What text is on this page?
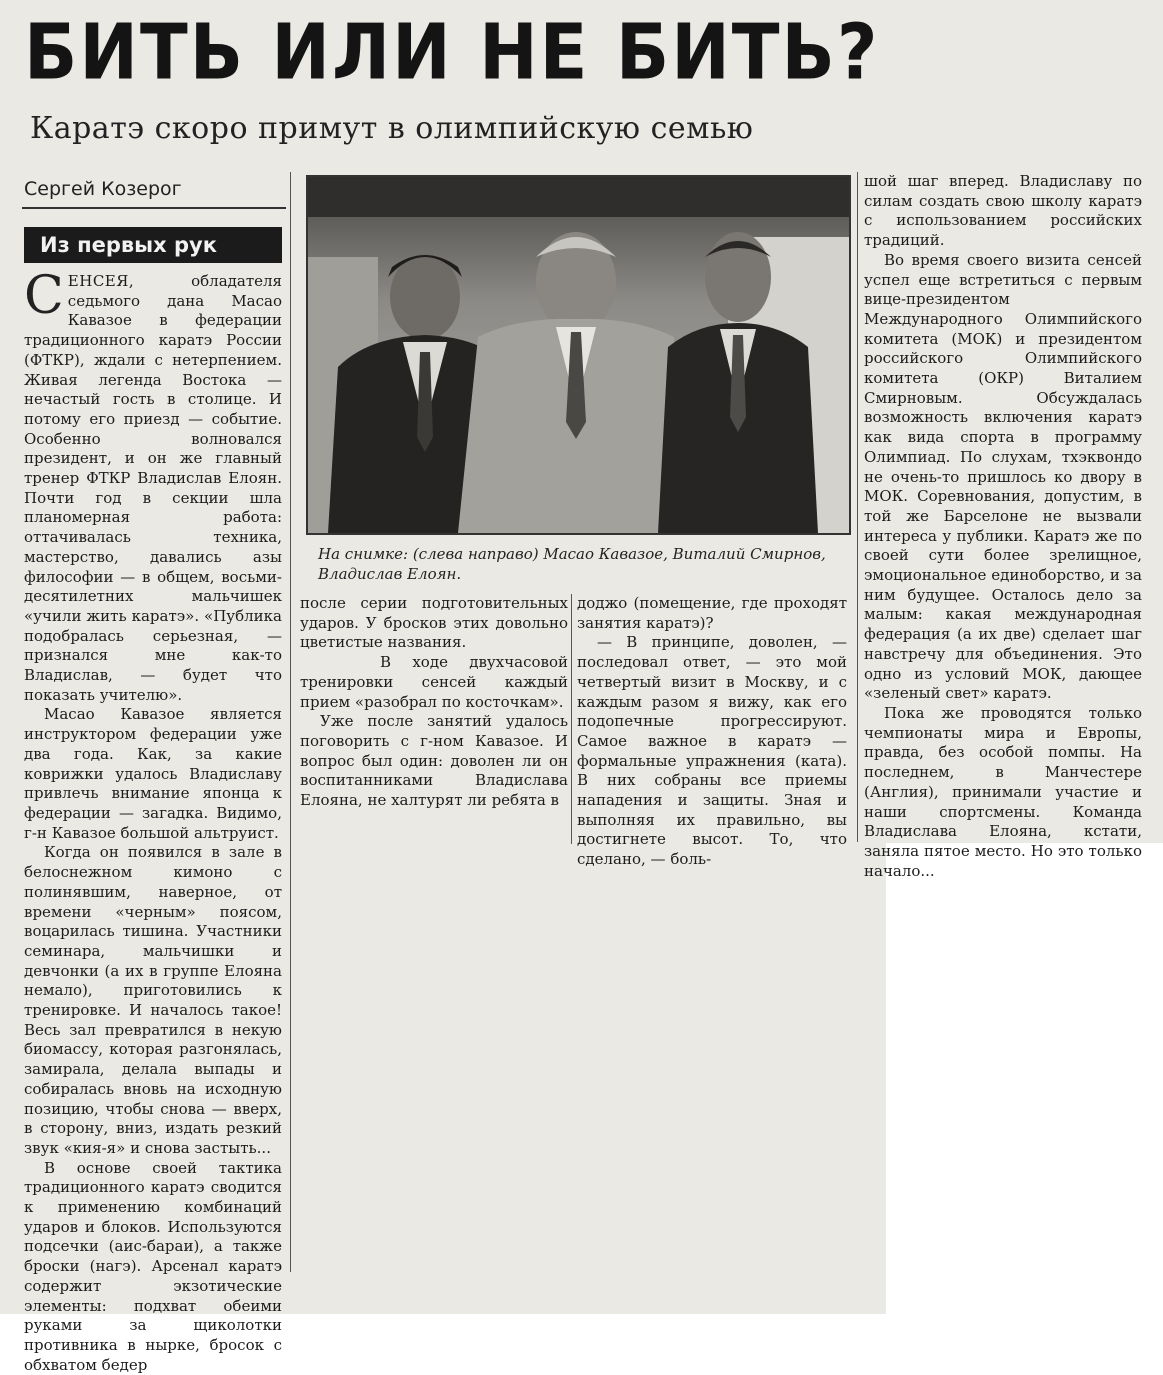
БИТЬ ИЛИ НЕ БИТЬ?
Каратэ скоро примут в олимпийскую семью
Сергей Козерог
Из первых рук

СЕНСЕЯ, обладателя седьмого дана Масао Кавазое в федерации традиционного каратэ России (ФТКР), ждали с нетерпением. Живая легенда Востока — нечастый гость в столице. И потому его приезд — событие. Особенно волновался президент, и он же главный тренер ФТКР Владислав Елоян. Почти год в секции шла планомерная работа: оттачивалась техника, мастерство, давались азы философии — в общем, восьми-десятилетних мальчишек «учили жить каратэ». «Публика подобралась серьезная, — признался мне как-то Владислав, — будет что показать учителю».

Масао Кавазое является инструктором федерации уже два года. Как, за какие коврижки удалось Владиславу привлечь внимание японца к федерации — загадка. Видимо, г-н Кавазое большой альтруист.

Когда он появился в зале в белоснежном кимоно с полинявшим, наверное, от времени «черным» поясом, воцарилась тишина. Участники семинара, мальчишки и девчонки (а их в группе Елояна немало), приготовились к тренировке. И началось такое! Весь зал превратился в некую биомассу, которая разгонялась, замирала, делала выпады и собиралась вновь на исходную позицию, чтобы снова — вверх, в сторону, вниз, издать резкий звук «кия-я» и снова застыть...

В основе своей тактика традиционного каратэ сводится к применению комбинаций ударов и блоков. Используются подсечки (аис-бараи), а также броски (нагэ). Арсенал каратэ содержит экзотические элементы: подхват обеими руками за щиколотки противника в нырке, бросок с обхватом бедер

На снимке: (слева направо) Масао Кавазое, Виталий Смирнов, Владислав Елоян.

после серии подготовительных ударов. У бросков этих довольно цветистые названия.

В ходе двухчасовой тренировки сенсей каждый прием «разобрал по косточкам».

Уже после занятий удалось поговорить с г-ном Кавазое. И вопрос был один: доволен ли он воспитанниками Владислава Елояна, не халтурят ли ребята в

доджо (помещение, где проходят занятия каратэ)?

— В принципе, доволен, — последовал ответ, — это мой четвертый визит в Москву, и с каждым разом я вижу, как его подопечные прогрессируют. Самое важное в каратэ — формальные упражнения (ката). В них собраны все приемы нападения и защиты. Зная и выполняя их правильно, вы достигнете высот. То, что сделано, — боль-

шой шаг вперед. Владиславу по силам создать свою школу каратэ с использованием российских традиций.

Во время своего визита сенсей успел еще встретиться с первым вице-президентом Международного Олимпийского комитета (МОК) и президентом российского Олимпийского комитета (ОКР) Виталием Смирновым. Обсуждалась возможность включения каратэ как вида спорта в программу Олимпиад. По слухам, тхэквондо не очень-то пришлось ко двору в МОК. Соревнования, допустим, в той же Барселоне не вызвали интереса у публики. Каратэ же по своей сути более зрелищное, эмоциональное единоборство, и за ним будущее. Осталось дело за малым: какая международная федерация (а их две) сделает шаг навстречу для объединения. Это одно из условий МОК, дающее «зеленый свет» каратэ.

Пока же проводятся только чемпионаты мира и Европы, правда, без особой помпы. На последнем, в Манчестере (Англия), принимали участие и наши спортсмены. Команда Владислава Елояна, кстати, заняла пятое место. Но это только начало...
